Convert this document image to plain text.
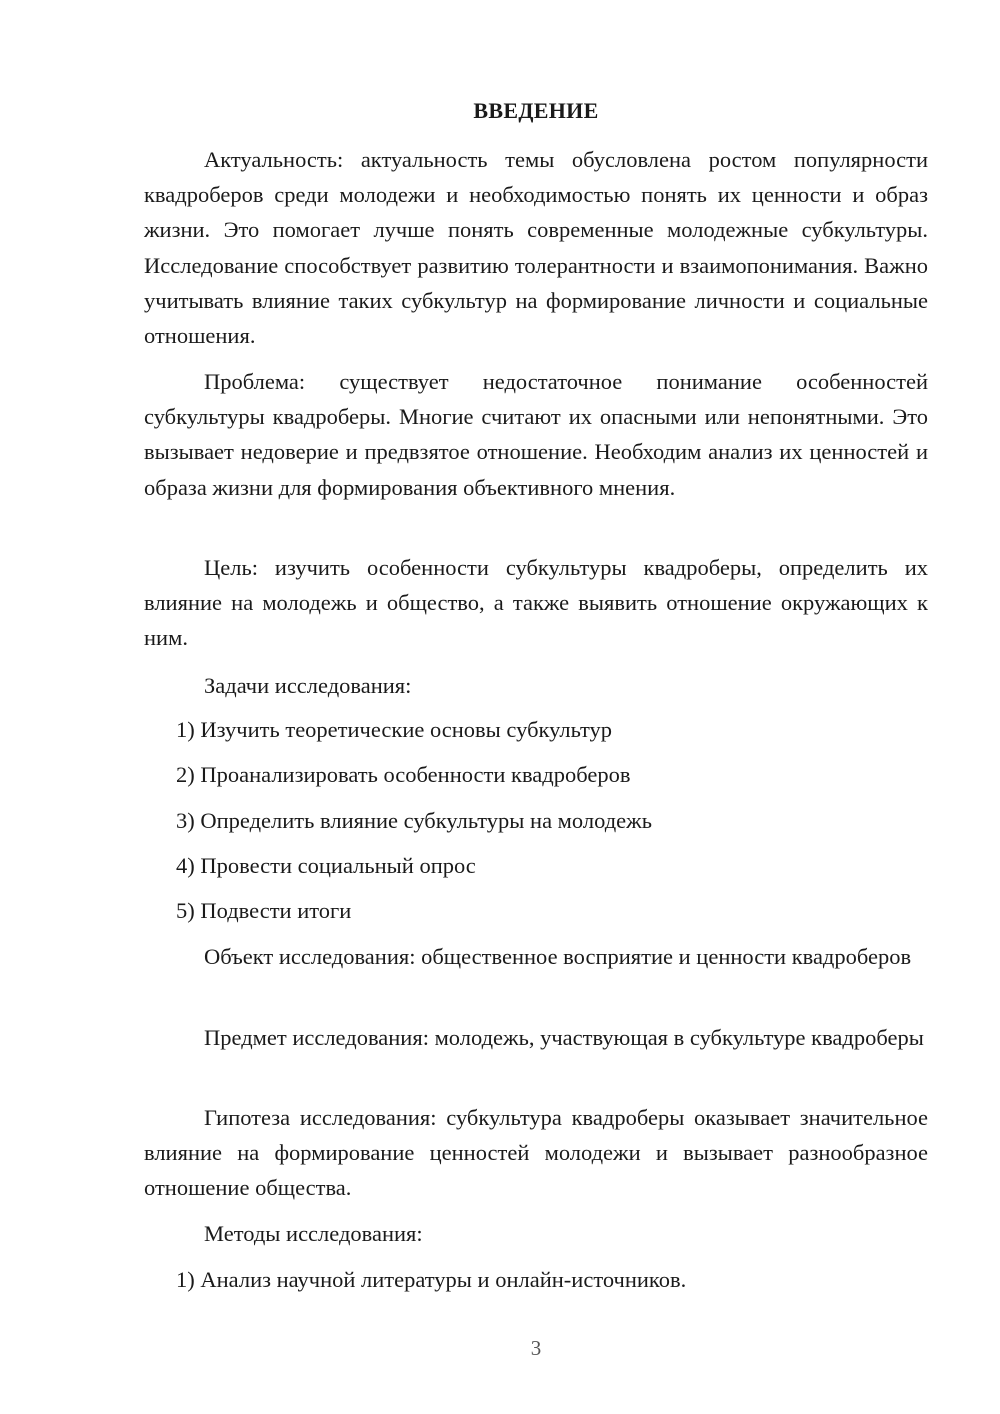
ВВЕДЕНИЕ

Актуальность: актуальность темы обусловлена ростом популярности квадроберов среди молодежи и необходимостью понять их ценности и образ жизни. Это помогает лучше понять современные молодежные субкультуры. Исследование способствует развитию толерантности и взаимопонимания. Важно учитывать влияние таких субкультур на формирование личности и социальные отношения.

Проблема: существует недостаточное понимание особенностей субкультуры квадроберы. Многие считают их опасными или непонятными. Это вызывает недоверие и предвзятое отношение. Необходим анализ их ценностей и образа жизни для формирования объективного мнения.

Цель: изучить особенности субкультуры квадроберы, определить их влияние на молодежь и общество, а также выявить отношение окружающих к ним.

Задачи исследования:

1) Изучить теоретические основы субкультур

2) Проанализировать особенности квадроберов

3) Определить влияние субкультуры на молодежь

4) Провести социальный опрос

5) Подвести итоги

Объект исследования: общественное восприятие и ценности квадроберов

Предмет исследования: молодежь, участвующая в субкультуре квадроберы

Гипотеза исследования: субкультура квадроберы оказывает значительное влияние на формирование ценностей молодежи и вызывает разнообразное отношение общества.

Методы исследования:

1) Анализ научной литературы и онлайн-источников.

3
